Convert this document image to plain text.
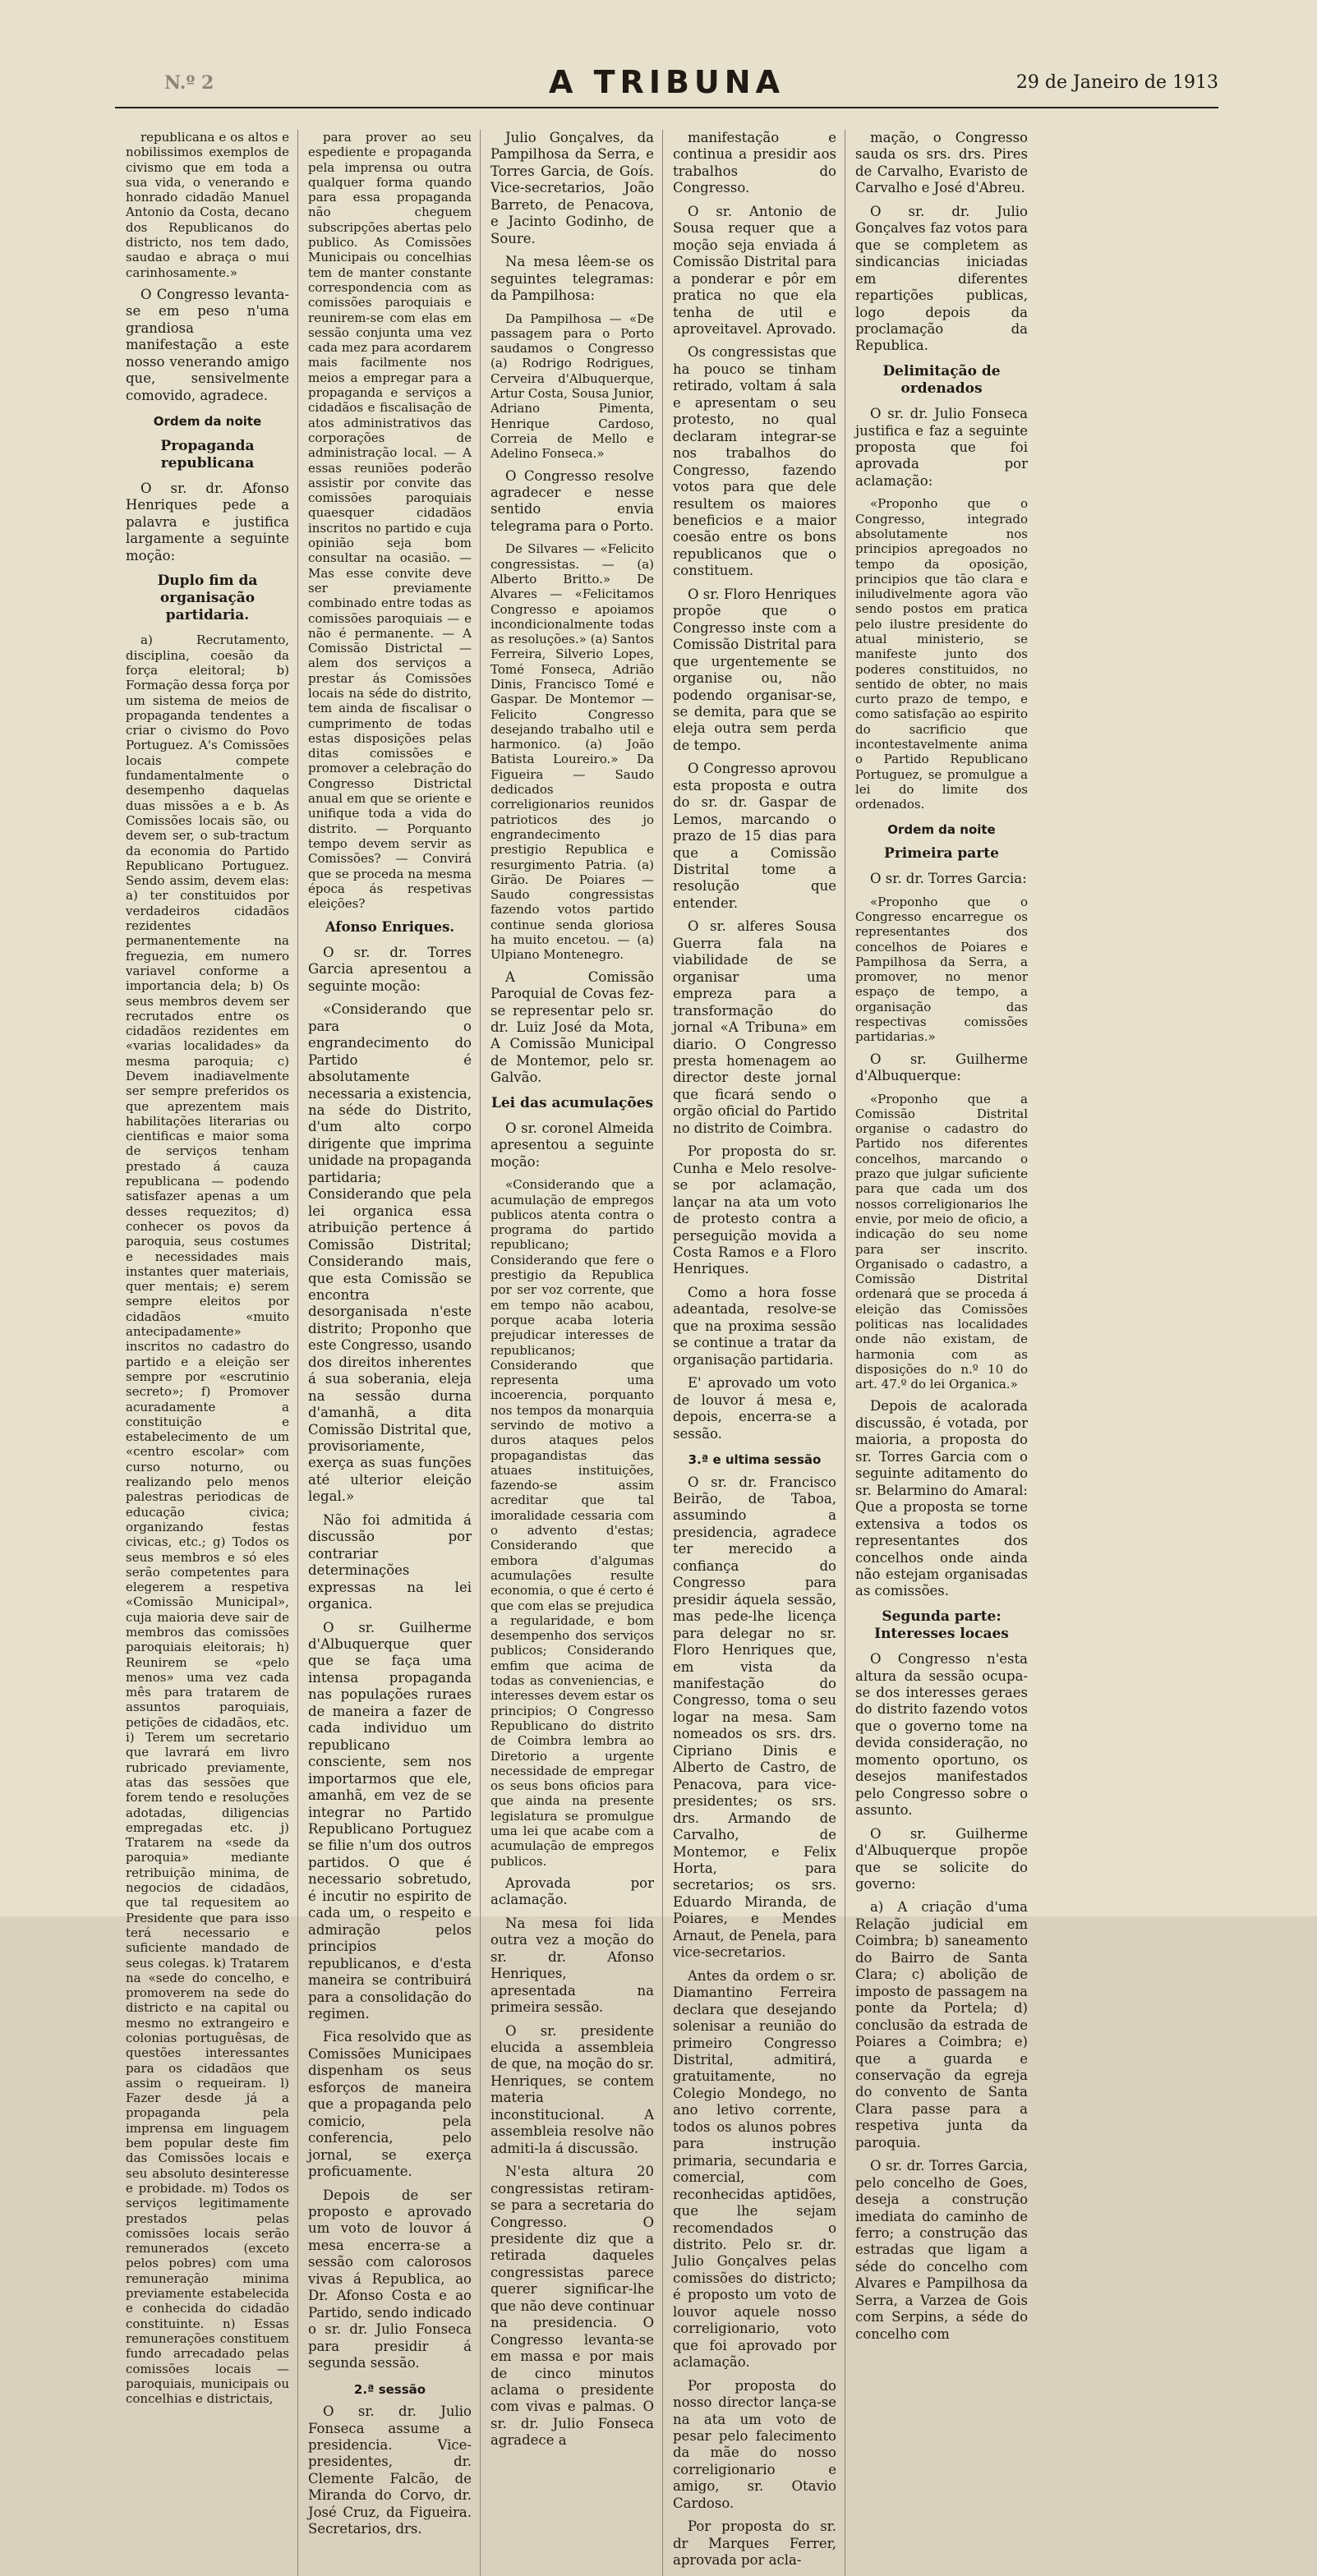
N.º 2	A TRIBUNA	29 de Janeiro de 1913
republicana e os altos e nobilissimos exemplos de civismo que em toda a sua vida, o venerando e honrado cidadão Manuel Antonio da Costa, decano dos Republicanos do districto, nos tem dado, saudao e abraça o mui carinhosamente.»
O Congresso levanta-se em peso n'uma grandiosa manifestação a este nosso venerando amigo que, sensivelmente comovido, agradece.
Ordem da noite
Propaganda republicana
O sr. dr. Afonso Henriques pede a palavra e justifica largamente a seguinte moção:
Duplo fim da organisação partidaria.
a) Recrutamento, disciplina, coesão da força eleitoral; b) Formação dessa força por um sistema de meios de propaganda tendentes a criar o civismo do Povo Portuguez. A's Comissões locais compete fundamentalmente o desempenho daquelas duas missões a e b. As Comissões locais são, ou devem ser, o sub-tractum da economia do Partido Republicano Portuguez. Sendo assim, devem elas: a) ter constituidos por verdadeiros cidadãos rezidentes permanentemente na freguezia, em numero variavel conforme a importancia dela; b) Os seus membros devem ser recrutados entre os cidadãos rezidentes em «varias localidades» da mesma paroquia; c) Devem inadiavelmente ser sempre preferidos os que aprezentem mais habilitações literarias ou cientificas e maior soma de serviços tenham prestado á cauza republicana — podendo satisfazer apenas a um desses requezitos; d) conhecer os povos da paroquia, seus costumes e necessidades mais instantes quer materiais, quer mentais; e) serem sempre eleitos por cidadãos «muito antecipadamente» inscritos no cadastro do partido e a eleição ser sempre por «escrutinio secreto»; f) Promover acuradamente a constituição e estabelecimento de um «centro escolar» com curso noturno, ou realizando pelo menos palestras periodicas de educação civica; organizando festas civicas, etc.; g) Todos os seus membros e só eles serão competentes para elegerem a respetiva «Comissão Municipal», cuja maioria deve sair de membros das comissões paroquiais eleitorais; h) Reunirem se «pelo menos» uma vez cada mês para tratarem de assuntos paroquiais, petições de cidadãos, etc. i) Terem um secretario que lavrará em livro rubricado previamente, atas das sessões que forem tendo e resoluções adotadas, diligencias empregadas etc. j) Tratarem na «sede da paroquia» mediante retribuição minima, de negocios de cidadãos, que tal requesitem ao Presidente que para isso terá necessario e suficiente mandado de seus colegas. k) Tratarem na «sede do concelho, e promoverem na sede do districto e na capital ou mesmo no extrangeiro e colonias portuguêsas, de questões interessantes para os cidadãos que assim o requeiram. l) Fazer desde já a propaganda pela imprensa em linguagem bem popular deste fim das Comissões locais e seu absoluto desinteresse e probidade. m) Todos os serviços legitimamente prestados pelas comissões locais serão remunerados (exceto pelos pobres) com uma remuneração minima previamente estabelecida e conhecida do cidadão constituinte. n) Essas remunerações constituem fundo arrecadado pelas comissões locais — paroquiais, municipais ou concelhias e districtais,
para prover ao seu espediente e propaganda pela imprensa ou outra qualquer forma quando para essa propaganda não cheguem subscripções abertas pelo publico. As Comissões Municipais ou concelhias tem de manter constante correspondencia com as comissões paroquiais e reunirem-se com elas em sessão conjunta uma vez cada mez para acordarem mais facilmente nos meios a empregar para a propaganda e serviços a cidadãos e fiscalisação de atos administrativos das corporações de administração local. — A essas reuniões poderão assistir por convite das comissões paroquiais quaesquer cidadãos inscritos no partido e cuja opinião seja bom consultar na ocasião. — Mas esse convite deve ser previamente combinado entre todas as comissões paroquiais — e não é permanente. — A Comissão Districtal — alem dos serviços a prestar ás Comissões locais na séde do distrito, tem ainda de fiscalisar o cumprimento de todas estas disposições pelas ditas comissões e promover a celebração do Congresso Districtal anual em que se oriente e unifique toda a vida do distrito. — Porquanto tempo devem servir as Comissões? — Convirá que se proceda na mesma época ás respetivas eleições?
Afonso Enriques.
O sr. dr. Torres Garcia apresentou a seguinte moção:
«Considerando que para o engrandecimento do Partido é absolutamente necessaria a existencia, na séde do Distrito, d'um alto corpo dirigente que imprima unidade na propaganda partidaria; Considerando que pela lei organica essa atribuição pertence á Comissão Distrital; Considerando mais, que esta Comissão se encontra desorganisada n'este distrito; Proponho que este Congresso, usando dos direitos inherentes á sua soberania, eleja na sessão durna d'amanhã, a dita Comissão Distrital que, provisoriamente, exerça as suas funções até ulterior eleição legal.»
Não foi admitida á discussão por contrariar determinações expressas na lei organica.
O sr. Guilherme d'Albuquerque quer que se faça uma intensa propaganda nas populações ruraes de maneira a fazer de cada individuo um republicano consciente, sem nos importarmos que ele, amanhã, em vez de se integrar no Partido Republicano Portuguez se filie n'um dos outros partidos. O que é necessario sobretudo, é incutir no espirito de cada um, o respeito e admiração pelos principios republicanos, e d'esta maneira se contribuirá para a consolidação do regimen.
Fica resolvido que as Comissões Municipaes dispenham os seus esforços de maneira que a propaganda pelo comicio, pela conferencia, pelo jornal, se exerça proficuamente.
Depois de ser proposto e aprovado um voto de louvor á mesa encerra-se a sessão com calorosos vivas á Republica, ao Dr. Afonso Costa e ao Partido, sendo indicado o sr. dr. Julio Fonseca para presidir á segunda sessão.
2.ª sessão
O sr. dr. Julio Fonseca assume a presidencia. Vice-presidentes, dr. Clemente Falcão, de Miranda do Corvo, dr. José Cruz, da Figueira. Secretarios, drs.
Julio Gonçalves, da Pampilhosa da Serra, e Torres Garcia, de Goís. Vice-secretarios, João Barreto, de Penacova, e Jacinto Godinho, de Soure.
Na mesa lêem-se os seguintes telegramas: da Pampilhosa:
Da Pampilhosa — «De passagem para o Porto saudamos o Congresso (a) Rodrigo Rodrigues, Cerveira d'Albuquerque, Artur Costa, Sousa Junior, Adriano Pimenta, Henrique Cardoso, Correia de Mello e Adelino Fonseca.»
O Congresso resolve agradecer e nesse sentido envia telegrama para o Porto.
De Silvares — «Felicito congressistas. — (a) Alberto Britto.» De Alvares — «Felicitamos Congresso e apoiamos incondicionalmente todas as resoluções.» (a) Santos Ferreira, Silverio Lopes, Tomé Fonseca, Adrião Dinis, Francisco Tomé e Gaspar. De Montemor — Felicito Congresso desejando trabalho util e harmonico. (a) João Batista Loureiro.» Da Figueira — Saudo dedicados correligionarios reunidos patrioticos des jo engrandecimento prestigio Republica e resurgimento Patria. (a) Girão. De Poiares — Saudo congressistas fazendo votos partido continue senda gloriosa ha muito encetou. — (a) Ulpiano Montenegro.
A Comissão Paroquial de Covas fez-se representar pelo sr. dr. Luiz José da Mota, A Comissão Municipal de Montemor, pelo sr. Galvão.
Lei das acumulações
O sr. coronel Almeida apresentou a seguinte moção:
«Considerando que a acumulação de empregos publicos atenta contra o programa do partido republicano; Considerando que fere o prestigio da Republica por ser voz corrente, que em tempo não acabou, porque acaba loteria prejudicar interesses de republicanos; Considerando que representa uma incoerencia, porquanto nos tempos da monarquia servindo de motivo a duros ataques pelos propagandistas das atuaes instituições, fazendo-se assim acreditar que tal imoralidade cessaria com o advento d'estas; Considerando que embora d'algumas acumulações resulte economia, o que é certo é que com elas se prejudica a regularidade, e bom desempenho dos serviços publicos; Considerando emfim que acima de todas as conveniencias, e interesses devem estar os principios; O Congresso Republicano do distrito de Coimbra lembra ao Diretorio a urgente necessidade de empregar os seus bons oficios para que ainda na presente legislatura se promulgue uma lei que acabe com a acumulação de empregos publicos.
Aprovada por aclamação.
Na mesa foi lida outra vez a moção do sr. dr. Afonso Henriques, apresentada na primeira sessão.
O sr. presidente elucida a assembleia de que, na moção do sr. Henriques, se contem materia inconstitucional. A assembleia resolve não admiti-la á discussão.
N'esta altura 20 congressistas retiram-se para a secretaria do Congresso. O presidente diz que a retirada daqueles congressistas parece querer significar-lhe que não deve continuar na presidencia. O Congresso levanta-se em massa e por mais de cinco minutos aclama o presidente com vivas e palmas. O sr. dr. Julio Fonseca agradece a
manifestação e continua a presidir aos trabalhos do Congresso.
O sr. Antonio de Sousa requer que a moção seja enviada á Comissão Distrital para a ponderar e pôr em pratica no que ela tenha de util e aproveitavel. Aprovado.
Os congressistas que ha pouco se tinham retirado, voltam á sala e apresentam o seu protesto, no qual declaram integrar-se nos trabalhos do Congresso, fazendo votos para que dele resultem os maiores beneficios e a maior coesão entre os bons republicanos que o constituem.
O sr. Floro Henriques propõe que o Congresso inste com a Comissão Distrital para que urgentemente se organise ou, não podendo organisar-se, se demita, para que se eleja outra sem perda de tempo.
O Congresso aprovou esta proposta e outra do sr. dr. Gaspar de Lemos, marcando o prazo de 15 dias para que a Comissão Distrital tome a resolução que entender.
O sr. alferes Sousa Guerra fala na viabilidade de se organisar uma empreza para a transformação do jornal «A Tribuna» em diario. O Congresso presta homenagem ao director deste jornal que ficará sendo o orgão oficial do Partido no distrito de Coimbra.
Por proposta do sr. Cunha e Melo resolve-se por aclamação, lançar na ata um voto de protesto contra a perseguição movida a Costa Ramos e a Floro Henriques.
Como a hora fosse adeantada, resolve-se que na proxima sessão se continue a tratar da organisação partidaria.
E' aprovado um voto de louvor á mesa e, depois, encerra-se a sessão.
3.ª e ultima sessão
O sr. dr. Francisco Beirão, de Taboa, assumindo a presidencia, agradece ter merecido a confiança do Congresso para presidir áquela sessão, mas pede-lhe licença para delegar no sr. Floro Henriques que, em vista da manifestação do Congresso, toma o seu logar na mesa. Sam nomeados os srs. drs. Cipriano Dinis e Alberto de Castro, de Penacova, para vice-presidentes; os srs. drs. Armando de Carvalho, de Montemor, e Felix Horta, para secretarios; os srs. Eduardo Miranda, de Poiares, e Mendes Arnaut, de Penela, para vice-secretarios.
Antes da ordem o sr. Diamantino Ferreira declara que desejando solenisar a reunião do primeiro Congresso Distrital, admitirá, gratuitamente, no Colegio Mondego, no ano letivo corrente, todos os alunos pobres para instrução primaria, secundaria e comercial, com reconhecidas aptidões, que lhe sejam recomendados o distrito. Pelo sr. dr. Julio Gonçalves pelas comissões do districto; é proposto um voto de louvor aquele nosso correligionario, voto que foi aprovado por aclamação.
Por proposta do nosso director lança-se na ata um voto de pesar pelo falecimento da mãe do nosso correligionario e amigo, sr. Otavio Cardoso.
Por proposta do sr. dr Marques Ferrer, aprovada por acla-
mação, o Congresso sauda os srs. drs. Pires de Carvalho, Evaristo de Carvalho e José d'Abreu.
O sr. dr. Julio Gonçalves faz votos para que se completem as sindicancias iniciadas em diferentes repartições publicas, logo depois da proclamação da Republica.
Delimitação de ordenados
O sr. dr. Julio Fonseca justifica e faz a seguinte proposta que foi aprovada por aclamação:
«Proponho que o Congresso, integrado absolutamente nos principios apregoados no tempo da oposição, principios que tão clara e iniludivelmente agora vão sendo postos em pratica pelo ilustre presidente do atual ministerio, se manifeste junto dos poderes constituidos, no sentido de obter, no mais curto prazo de tempo, e como satisfação ao espirito do sacrificio que incontestavelmente anima o Partido Republicano Portuguez, se promulgue a lei do limite dos ordenados.
Ordem da noite
Primeira parte
O sr. dr. Torres Garcia:
«Proponho que o Congresso encarregue os representantes dos concelhos de Poiares e Pampilhosa da Serra, a promover, no menor espaço de tempo, a organisação das respectivas comissões partidarias.»
O sr. Guilherme d'Albuquerque:
«Proponho que a Comissão Distrital organise o cadastro do Partido nos diferentes concelhos, marcando o prazo que julgar suficiente para que cada um dos nossos correligionarios lhe envie, por meio de oficio, a indicação do seu nome para ser inscrito. Organisado o cadastro, a Comissão Distrital ordenará que se proceda á eleição das Comissões politicas nas localidades onde não existam, de harmonia com as disposições do n.º 10 do art. 47.º do lei Organica.»
Depois de acalorada discussão, é votada, por maioria, a proposta do sr. Torres Garcia com o seguinte aditamento do sr. Belarmino do Amaral: Que a proposta se torne extensiva a todos os representantes dos concelhos onde ainda não estejam organisadas as comissões.
Segunda parte: Interesses locaes
O Congresso n'esta altura da sessão ocupa-se dos interesses geraes do distrito fazendo votos que o governo tome na devida consideração, no momento oportuno, os desejos manifestados pelo Congresso sobre o assunto.
O sr. Guilherme d'Albuquerque propõe que se solicite do governo:
a) A criação d'uma Relação judicial em Coimbra; b) saneamento do Bairro de Santa Clara; c) abolição de imposto de passagem na ponte da Portela; d) conclusão da estrada de Poiares a Coimbra; e) que a guarda e conservação da egreja do convento de Santa Clara passe para a respetiva junta da paroquia.
O sr. dr. Torres Garcia, pelo concelho de Goes, deseja a construção imediata do caminho de ferro; a construção das estradas que ligam a séde do concelho com Alvares e Pampilhosa da Serra, a Varzea de Gois com Serpins, a séde do concelho com
